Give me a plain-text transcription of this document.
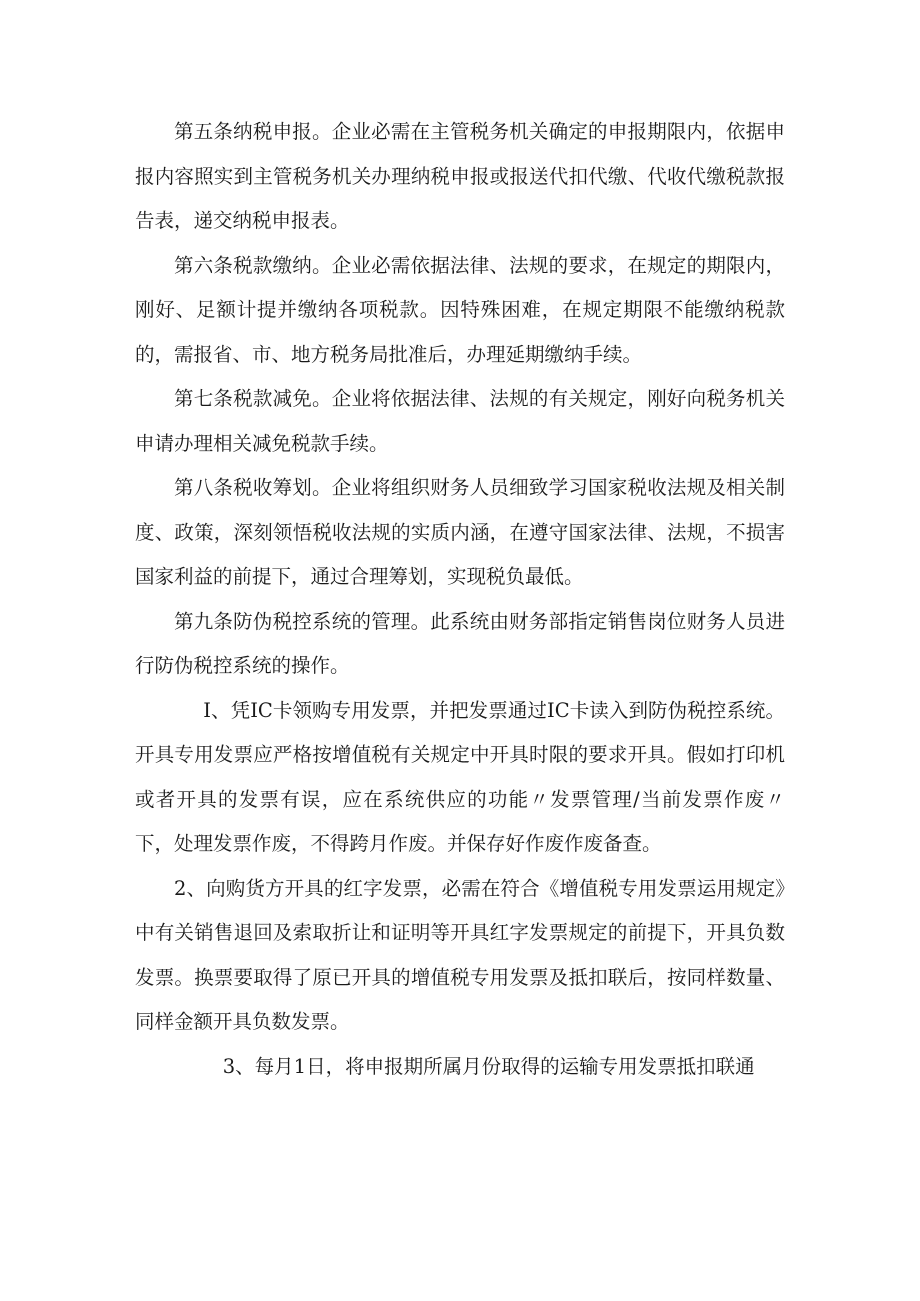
第五条纳税申报。企业必需在主管税务机关确定的申报期限内，依据申报内容照实到主管税务机关办理纳税申报或报送代扣代缴、代收代缴税款报告表，递交纳税申报表。

第六条税款缴纳。企业必需依据法律、法规的要求，在规定的期限内，刚好、足额计提并缴纳各项税款。因特殊困难，在规定期限不能缴纳税款的，需报省、市、地方税务局批准后，办理延期缴纳手续。

第七条税款减免。企业将依据法律、法规的有关规定，刚好向税务机关申请办理相关减免税款手续。

第八条税收筹划。企业将组织财务人员细致学习国家税收法规及相关制度、政策，深刻领悟税收法规的实质内涵，在遵守国家法律、法规，不损害国家利益的前提下，通过合理筹划，实现税负最低。

第九条防伪税控系统的管理。此系统由财务部指定销售岗位财务人员进行防伪税控系统的操作。

I、凭IC卡领购专用发票，并把发票通过IC卡读入到防伪税控系统。开具专用发票应严格按增值税有关规定中开具时限的要求开具。假如打印机或者开具的发票有误，应在系统供应的功能〃发票管理/当前发票作废〃下，处理发票作废，不得跨月作废。并保存好作废作废备查。

2、向购货方开具的红字发票，必需在符合《增值税专用发票运用规定》中有关销售退回及索取折让和证明等开具红字发票规定的前提下，开具负数发票。换票要取得了原已开具的增值税专用发票及抵扣联后，按同样数量、同样金额开具负数发票。

3、每月1日，将申报期所属月份取得的运输专用发票抵扣联通
